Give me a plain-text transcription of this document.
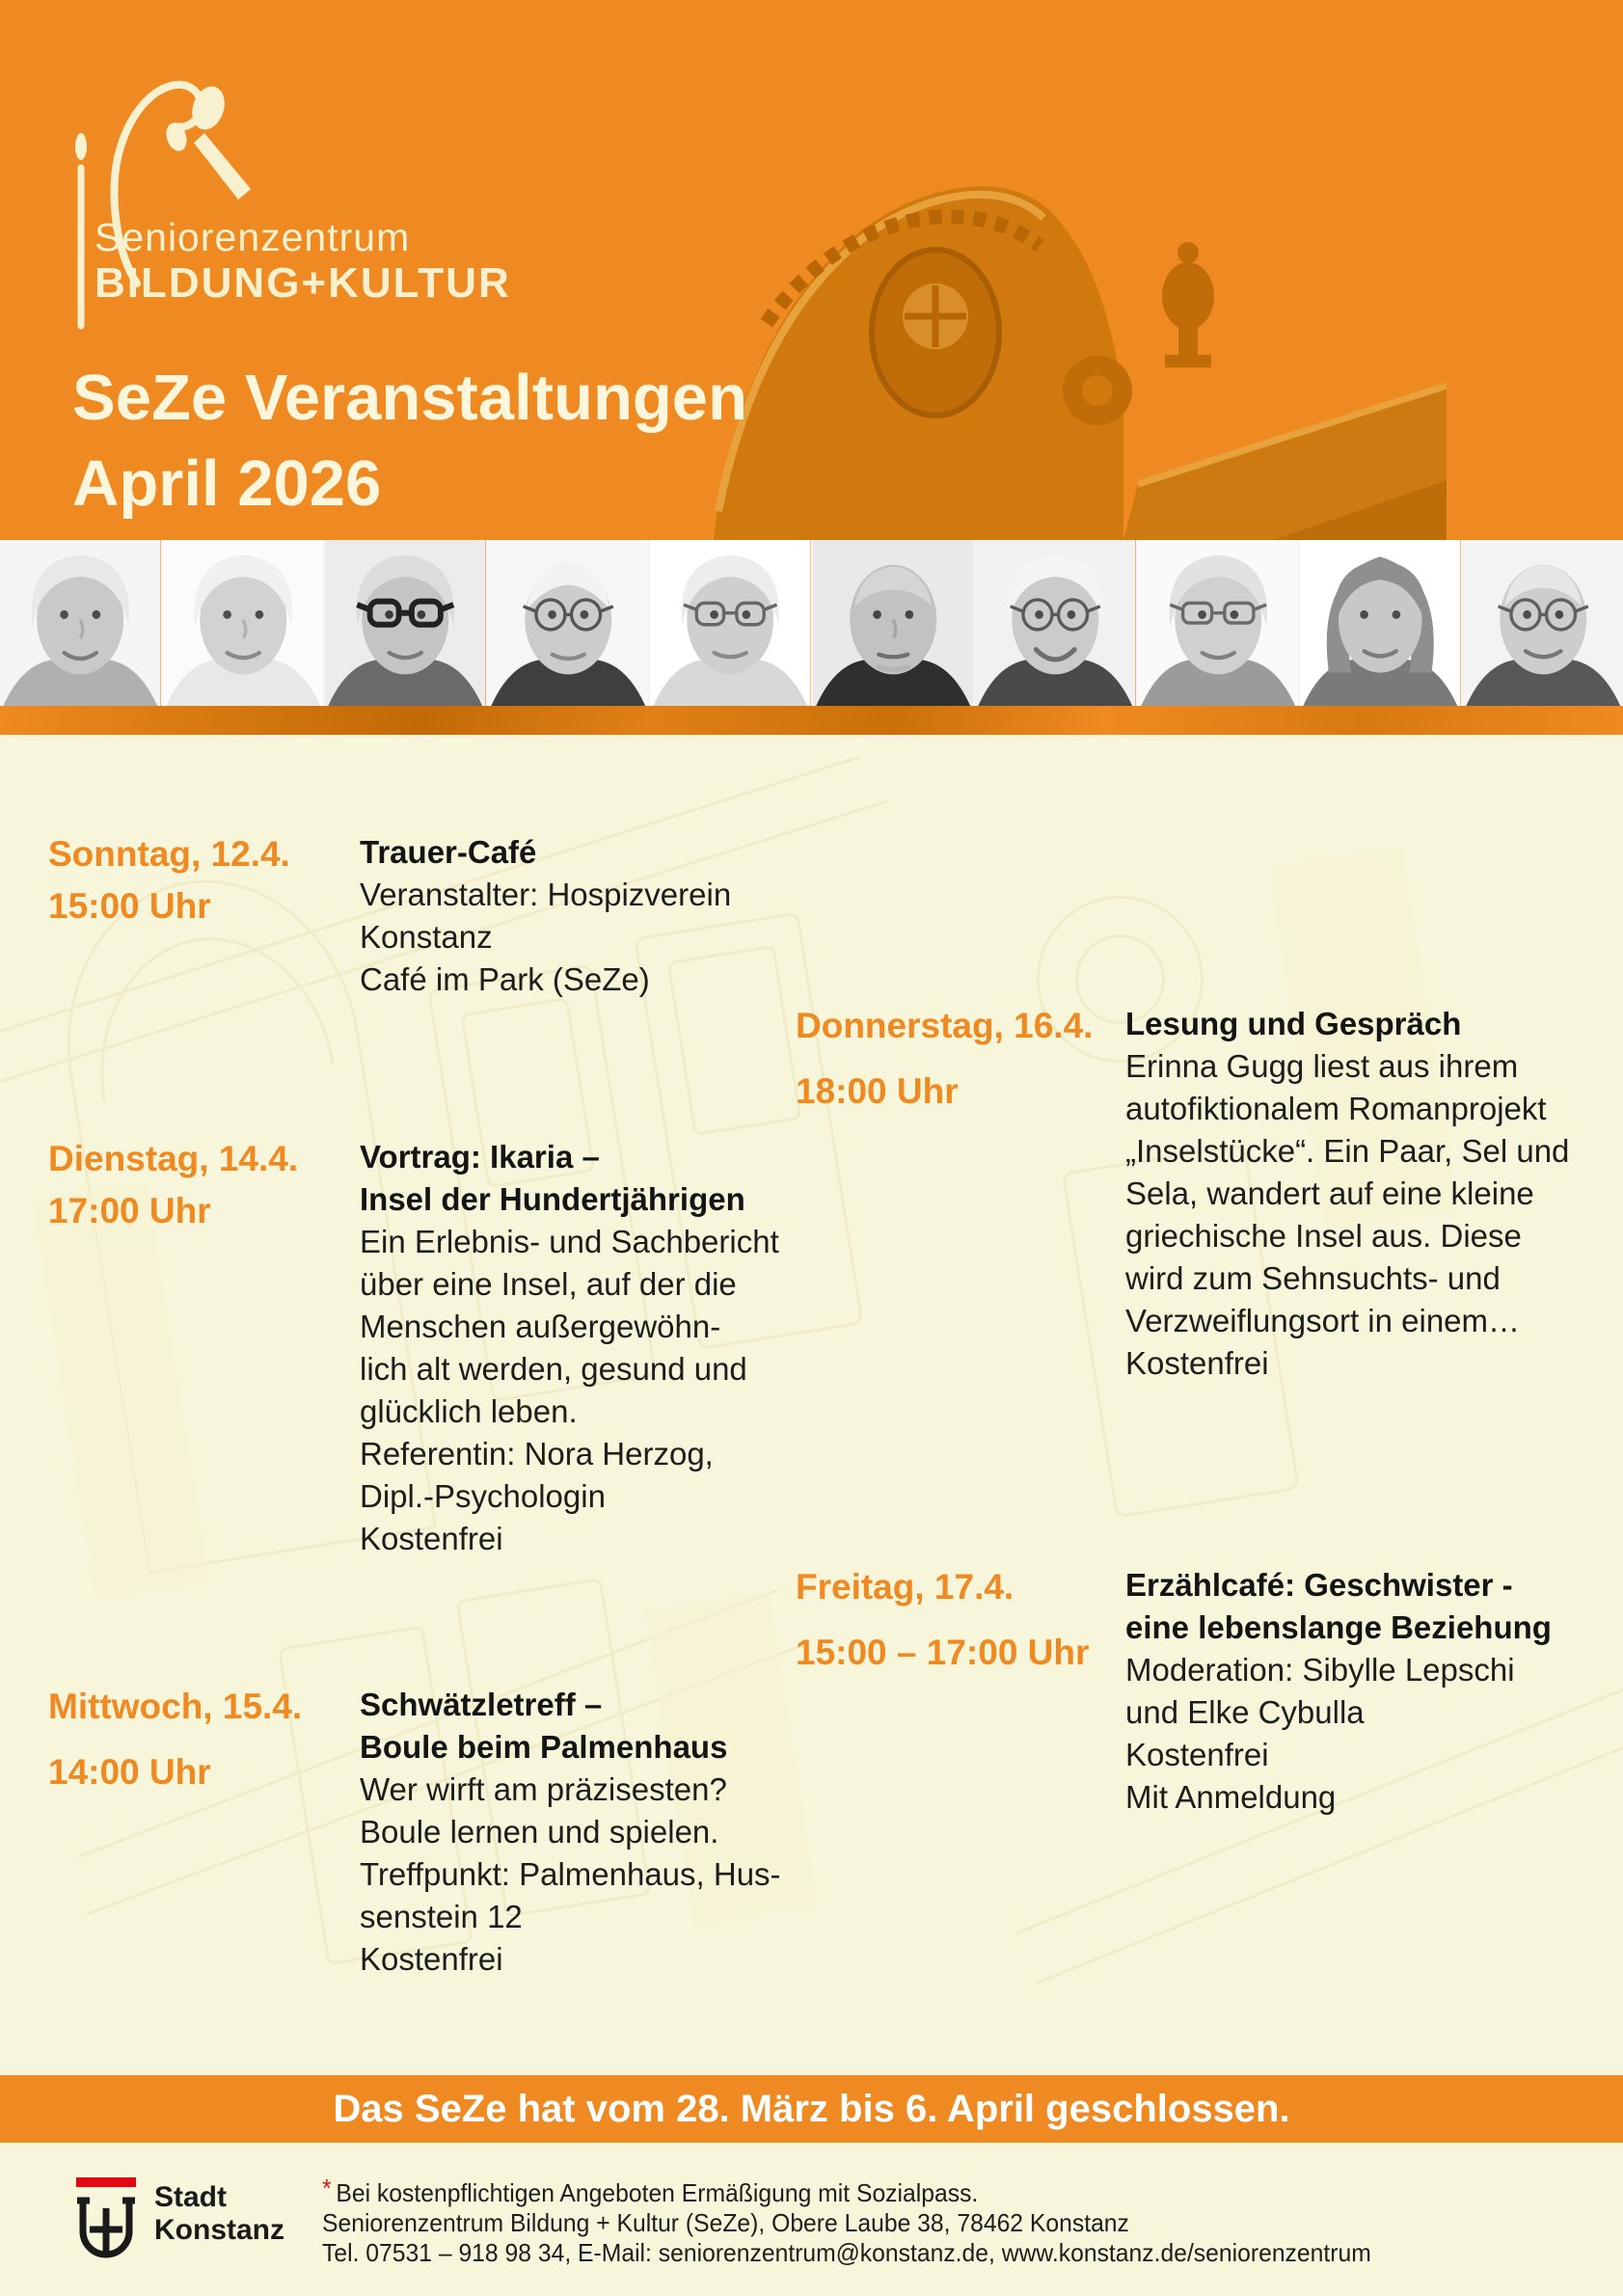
Seniorenzentrum
BILDUNG+KULTUR
SeZe Veranstaltungen
April 2026
Sonntag, 12.4.
15:00 Uhr
Trauer-Café
Veranstalter: Hospizverein
Konstanz
Café im Park (SeZe)
Donnerstag, 16.4.
18:00 Uhr
Lesung und Gespräch
Erinna Gugg liest aus ihrem
autofiktionalem Romanprojekt
„Inselstücke“. Ein Paar, Sel und
Sela, wandert auf eine kleine
griechische Insel aus. Diese
wird zum Sehnsuchts- und
Verzweiflungsort in einem…
Kostenfrei
Dienstag, 14.4.
17:00 Uhr
Vortrag: Ikaria –
Insel der Hundertjährigen
Ein Erlebnis- und Sachbericht
über eine Insel, auf der die
Menschen außergewöhn-
lich alt werden, gesund und
glücklich leben.
Referentin: Nora Herzog,
Dipl.-Psychologin
Kostenfrei
Freitag, 17.4.
15:00 – 17:00 Uhr
Erzählcafé: Geschwister -
eine lebenslange Beziehung
Moderation: Sibylle Lepschi
und Elke Cybulla
Kostenfrei
Mit Anmeldung
Mittwoch, 15.4.
14:00 Uhr
Schwätzletreff –
Boule beim Palmenhaus
Wer wirft am präzisesten?
Boule lernen und spielen.
Treffpunkt: Palmenhaus, Hus-
senstein 12
Kostenfrei
Das SeZe hat vom 28. März bis 6. April geschlossen.
Stadt
Konstanz
* Bei kostenpflichtigen Angeboten Ermäßigung mit Sozialpass.
Seniorenzentrum Bildung + Kultur (SeZe), Obere Laube 38, 78462 Konstanz
Tel. 07531 – 918 98 34, E-Mail: seniorenzentrum@konstanz.de, www.konstanz.de/seniorenzentrum
